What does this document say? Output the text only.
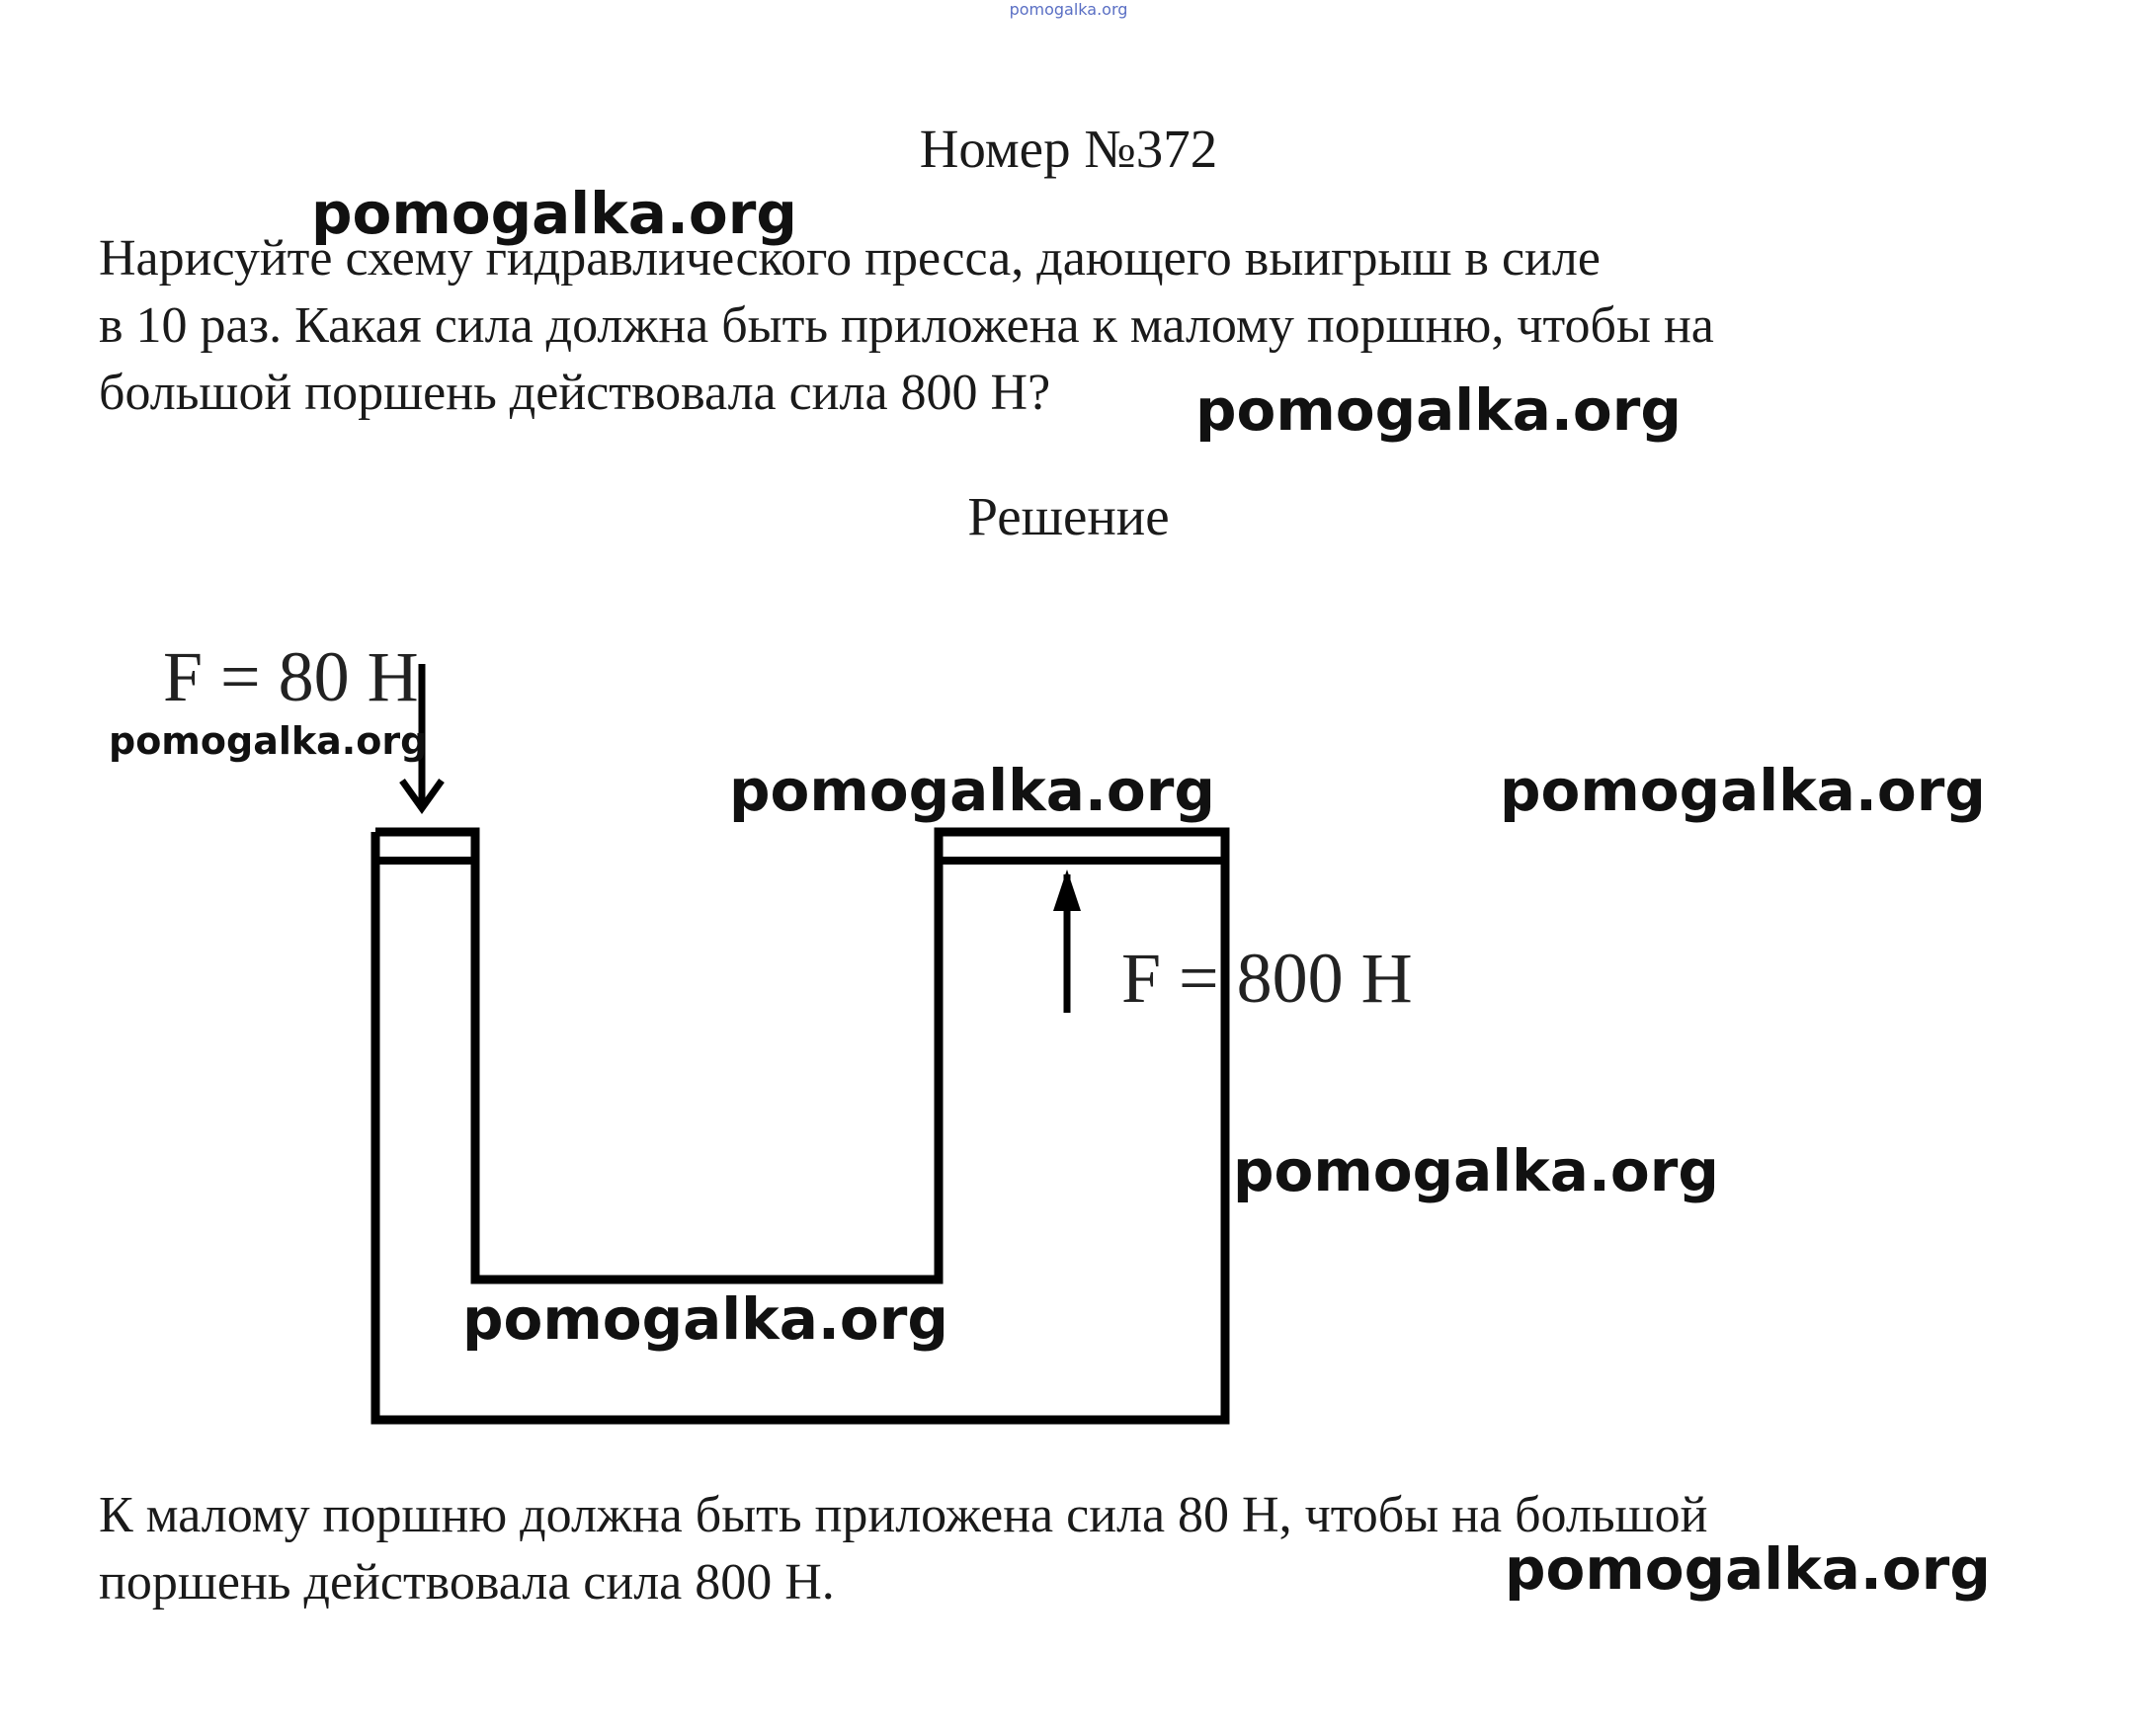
pomogalka.org
Номер №372
Нарисуйте схему гидравлического пресса, дающего выигрыш в силе
в 10 раз. Какая сила должна быть приложена к малому поршню, чтобы на
большой поршень действовала сила 800 Н?
Решение
F = 80 H
F = 800 H
К малому поршню должна быть приложена сила 80 Н, чтобы на большой
поршень действовала сила 800 Н.
pomogalka.org
pomogalka.org
pomogalka.org
pomogalka.org	pomogalka.org
pomogalka.org
pomogalka.org
pomogalka.org
